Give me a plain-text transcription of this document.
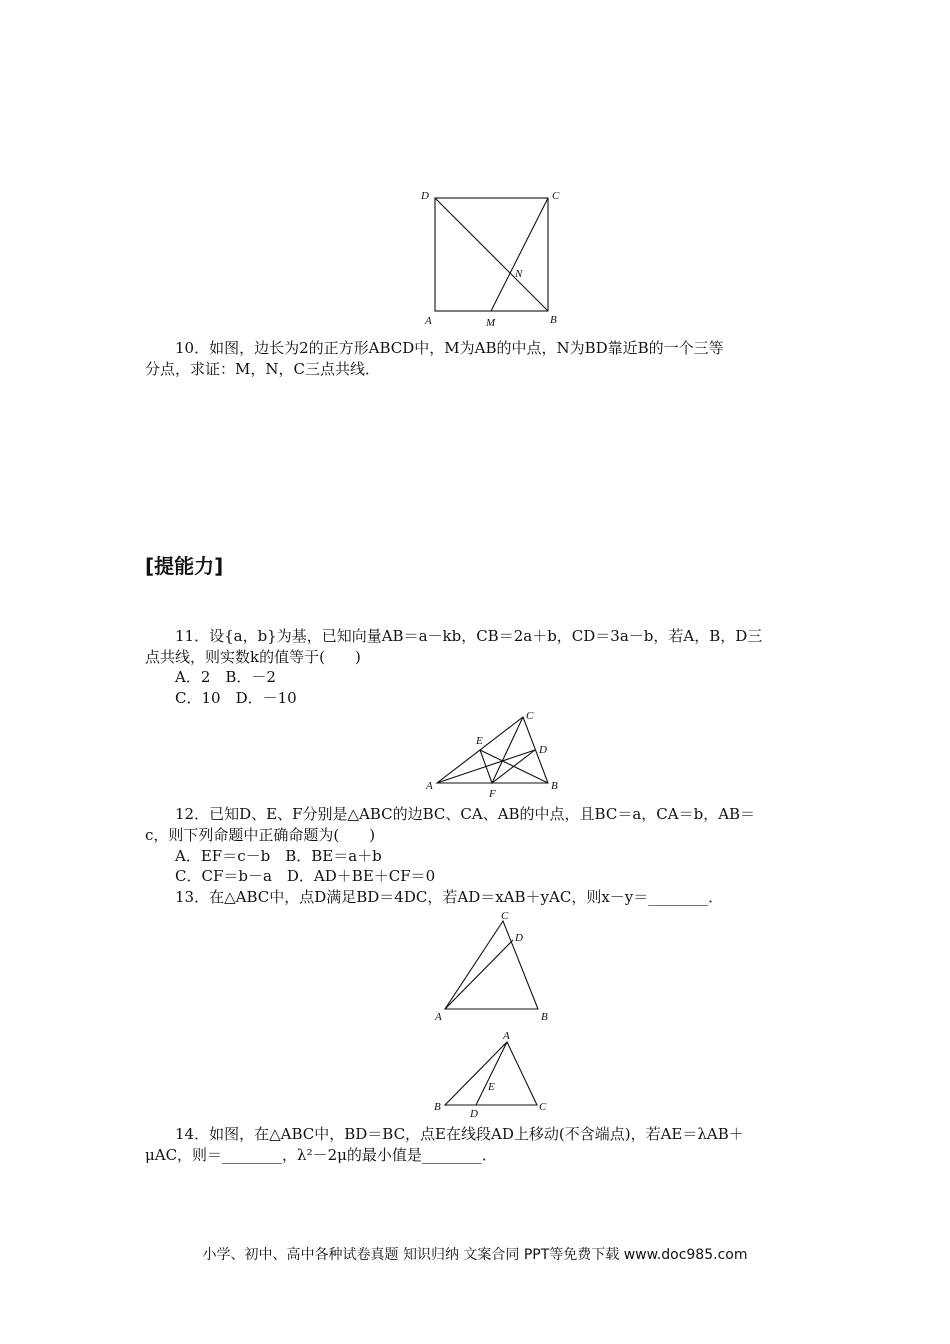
D	C
A	B
M
N
10．如图，边长为2的正方形ABCD中，M为AB的中点，N为BD靠近B的一个三等
分点，求证：M，N，C三点共线．
[提能力]
11．设{a，b}为基，已知向量AB＝a－kb，CB＝2a＋b，CD＝3a－b，若A，B，D三
点共线，则实数k的值等于(　　)
A．2　B．－2
C．10　D．－10
A	B
C
D
E
F
12．已知D、E、F分别是△ABC的边BC、CA、AB的中点，且BC＝a，CA＝b，AB＝
c，则下列命题中正确命题为(　　)
A．EF＝c－b　B．BE＝a＋b
C．CF＝b－a　D．AD＋BE＋CF＝0
13．在△ABC中，点D满足BD＝4DC，若AD＝xAB＋yAC，则x－y＝________．
A	B
C
D
A
B	C
D
E
14．如图，在△ABC中，BD＝BC，点E在线段AD上移动(不含端点)，若AE＝λAB＋
μAC，则＝________，λ²－2μ的最小值是________．
小学、初中、高中各种试卷真题 知识归纳 文案合同 PPT等免费下载 www.doc985.com
